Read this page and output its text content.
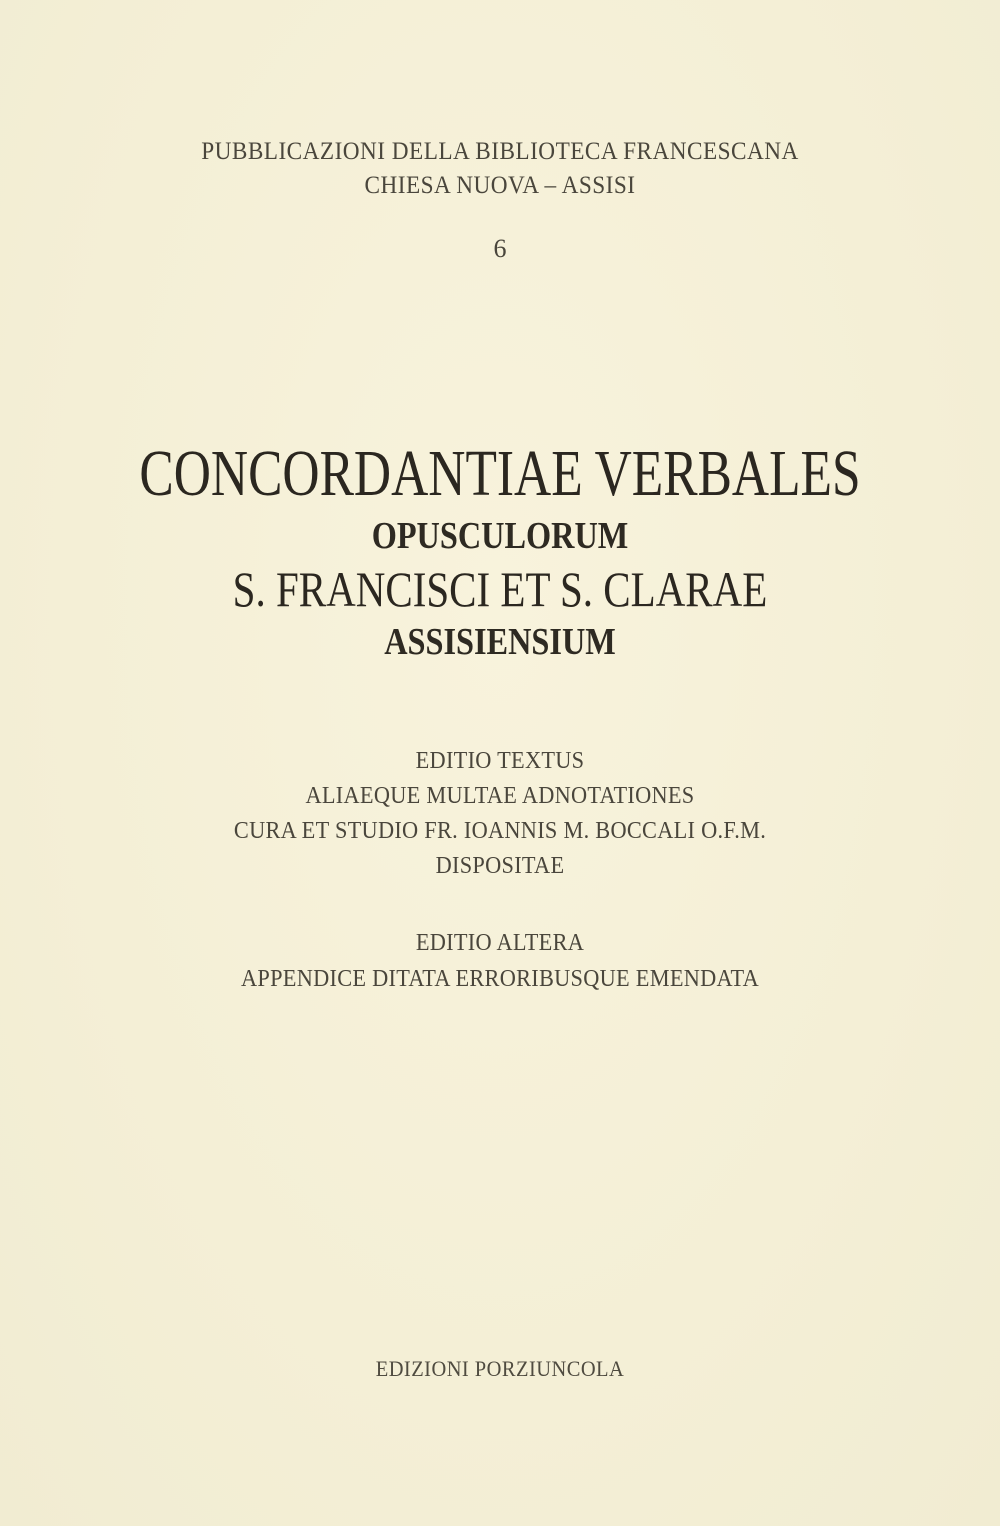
PUBBLICAZIONI DELLA BIBLIOTECA FRANCESCANA
CHIESA NUOVA – ASSISI
6
CONCORDANTIAE VERBALES
OPUSCULORUM
S. FRANCISCI ET S. CLARAE
ASSISIENSIUM
EDITIO TEXTUS
ALIAEQUE MULTAE ADNOTATIONES
CURA ET STUDIO FR. IOANNIS M. BOCCALI O.F.M.
DISPOSITAE
EDITIO ALTERA
APPENDICE DITATA ERRORIBUSQUE EMENDATA
EDIZIONI PORZIUNCOLA
